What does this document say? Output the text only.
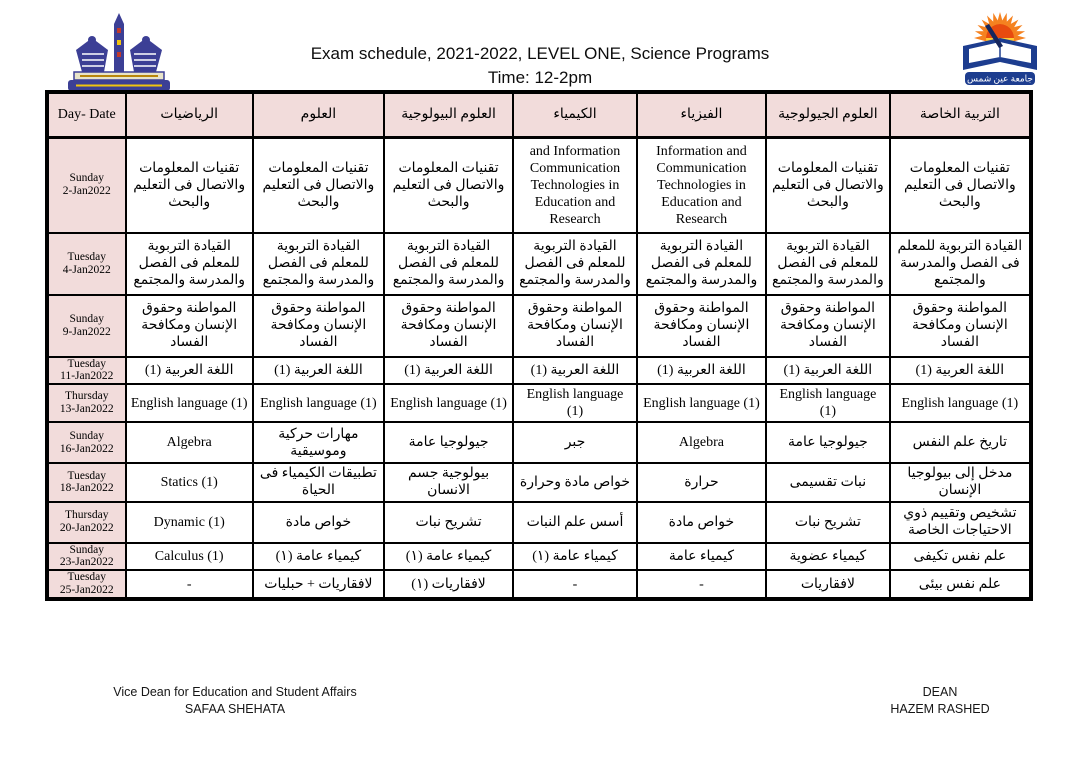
Exam schedule, 2021-2022, LEVEL ONE, Science Programs
Time: 12-2pm	جامعة عين شمس
Day- Date	الرياضيات	العلوم	العلوم البيولوجية	الكيمياء	الفيزياء	العلوم الجيولوجية	التربية الخاصة

Sunday
2-Jan2022	تقنيات المعلومات والاتصال فى التعليم والبحث	تقنيات المعلومات والاتصال فى التعليم والبحث	تقنيات المعلومات والاتصال فى التعليم والبحث	and Information Communication Technologies in Education and Research	Information and Communication Technologies in Education and Research	تقنيات المعلومات والاتصال فى التعليم والبحث	تقنيات المعلومات والاتصال فى التعليم والبحث

Tuesday
4-Jan2022	القيادة التربوية للمعلم فى الفصل والمدرسة والمجتمع	القيادة التربوية للمعلم فى الفصل والمدرسة والمجتمع	القيادة التربوية للمعلم فى الفصل والمدرسة والمجتمع	القيادة التربوية للمعلم فى الفصل والمدرسة والمجتمع	القيادة التربوية للمعلم فى الفصل والمدرسة والمجتمع	القيادة التربوية للمعلم فى الفصل والمدرسة والمجتمع	القيادة التربوية للمعلم فى الفصل والمدرسة والمجتمع

Sunday
9-Jan2022	المواطنة وحقوق الإنسان ومكافحة الفساد	المواطنة وحقوق الإنسان ومكافحة الفساد	المواطنة وحقوق الإنسان ومكافحة الفساد	المواطنة وحقوق الإنسان ومكافحة الفساد	المواطنة وحقوق الإنسان ومكافحة الفساد	المواطنة وحقوق الإنسان ومكافحة الفساد	المواطنة وحقوق الإنسان ومكافحة الفساد

Tuesday
11-Jan2022	اللغة العربية (1)	اللغة العربية (1)	اللغة العربية (1)	اللغة العربية (1)	اللغة العربية (1)	اللغة العربية (1)	اللغة العربية (1)

Thursday
13-Jan2022	English language (1)	English language (1)	English language (1)	English language (1)	English language (1)	English language (1)	English language (1)

Sunday
16-Jan2022	Algebra	مهارات حركية وموسيقية	جيولوجيا عامة	جبر	Algebra	جيولوجيا عامة	تاريخ علم النفس

Tuesday
18-Jan2022	Statics (1)	تطبيقات الكيمياء فى الحياة	بيولوجية جسم الانسان	خواص مادة وحرارة	حرارة	نبات تقسيمى	مدخل إلى بيولوجيا الإنسان

Thursday
20-Jan2022	Dynamic (1)	خواص مادة	تشريح نبات	أسس علم النبات	خواص مادة	تشريح نبات	تشخيص وتقييم ذوي الاحتياجات الخاصة

Sunday
23-Jan2022	Calculus (1)	كيمياء عامة (١)	كيمياء عامة (١)	كيمياء عامة (١)	كيمياء عامة	كيمياء عضوية	علم نفس تكيفى

Tuesday
25-Jan2022	-	لافقاريات + حبليات	لافقاريات (١)	-	-	لافقاريات	علم نفس بيئى
Vice Dean for Education and Student Affairs
SAFAA SHEHATA
DEAN
HAZEM RASHED
